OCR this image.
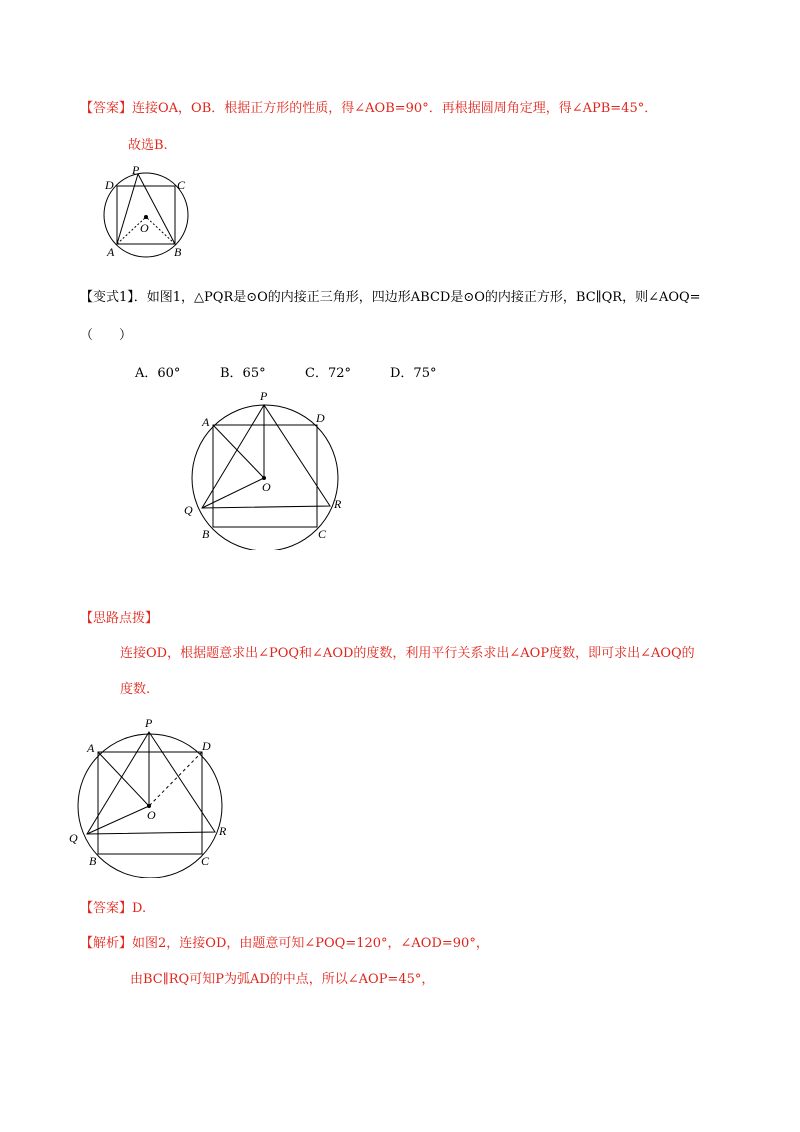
【答案】连接OA，OB．根据正方形的性质，得∠AOB=90°．再根据圆周角定理，得∠APB=45°．
故选B.
D
P
C
O
A	B
【变式1】．如图1，△PQR是⊙O的内接正三角形，四边形ABCD是⊙O的内接正方形，BC∥QR，则∠AOQ=
（　　）
A．60°	B．65°	C．72°	D．75°
A
P
D
O
Q	R
B	C
【思路点拨】
连接OD，根据题意求出∠POQ和∠AOD的度数，利用平行关系求出∠AOP度数，即可求出∠AOQ的
度数.
A
P
D
O
Q	R
B	C
【答案】D.
【解析】如图2，连接OD，由题意可知∠POQ=120°，∠AOD=90°，
由BC∥RQ可知P为弧AD的中点，所以∠AOP=45°，
